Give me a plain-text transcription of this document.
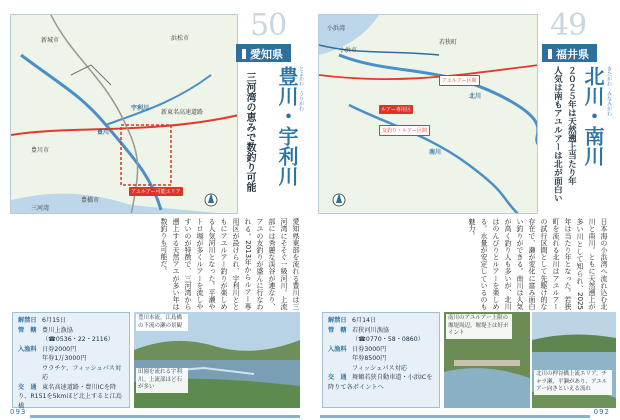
新城市	浜松市
新東名高速道路
豊橋市
豊川市
宇利川
豊川
三河湾
アユルアー可能エリア
50
愛知県
豊川・宇利川 とよかわ　うりがわ
三河湾の恵みで数釣り可能
愛知県東部を流れる豊川は三河湾にそそぐ一級河川。上流部には秀麗な渓谷が連なり、アユの友釣りが盛んに行なわれる。2013年からルアー専用区が設けられ、宇利川とともにアユルアー釣りが楽しめる人気河川となった。平瀬やトロ場が多くルアーを流しやすいのが特徴で、三河湾から遡上する天然アユが多い年は数釣りも可能だ。
解禁日 6月15日
管　轄 豊川上漁協
（☎0536・22・2116）
入漁料 日券2000円
年券1万3000円
ウラチケ、フィッシュパス対応
交　通 東名高速道路・豊川ICを降り、R151を5kmほど北上すると江島橋
豊川本流。江島橋の下流の瀬の景観
田園を流れる宇利川。上流部ほど石が多い
093
小浜市
若狭町
南川
北川
小浜湾
ルアー専用区
アユルアー区間
友釣り・ルアー区間
49
福井県
北川・南川 きたがわ　みなみがわ
２０２５年は天然遡上当たり年
人気は南もアユルアーは北が面白い
日本海の小浜湾へ流れ込む北川と南川。ともに天然遡上が多い川として知られ、2025年は当たり年となった。若狭町を流れる北川はアユルアーの試行区間として先駆け的な存在で、瀬が変化に富み面白い釣りができる。南川は人気が高く釣り人も多いが、北川はのんびりとルアーを楽しめる。水量が安定しているのも魅力。
解禁日 6月14日
管　轄 若狭河川漁協
（☎0770・58・0860）
入漁料 日券3000円
年券8500円
フィッシュパス対応
交　通 舞鶴若狭自動車道・小浜ICを降りて各ポイントへ
南川のアユルアー上限の堰堤周辺。堰堤上は好ポイント
北川の押谷橋上流エリア。チャラ瀬、平瀬があり、アユルアー向きといえる流れ
092
